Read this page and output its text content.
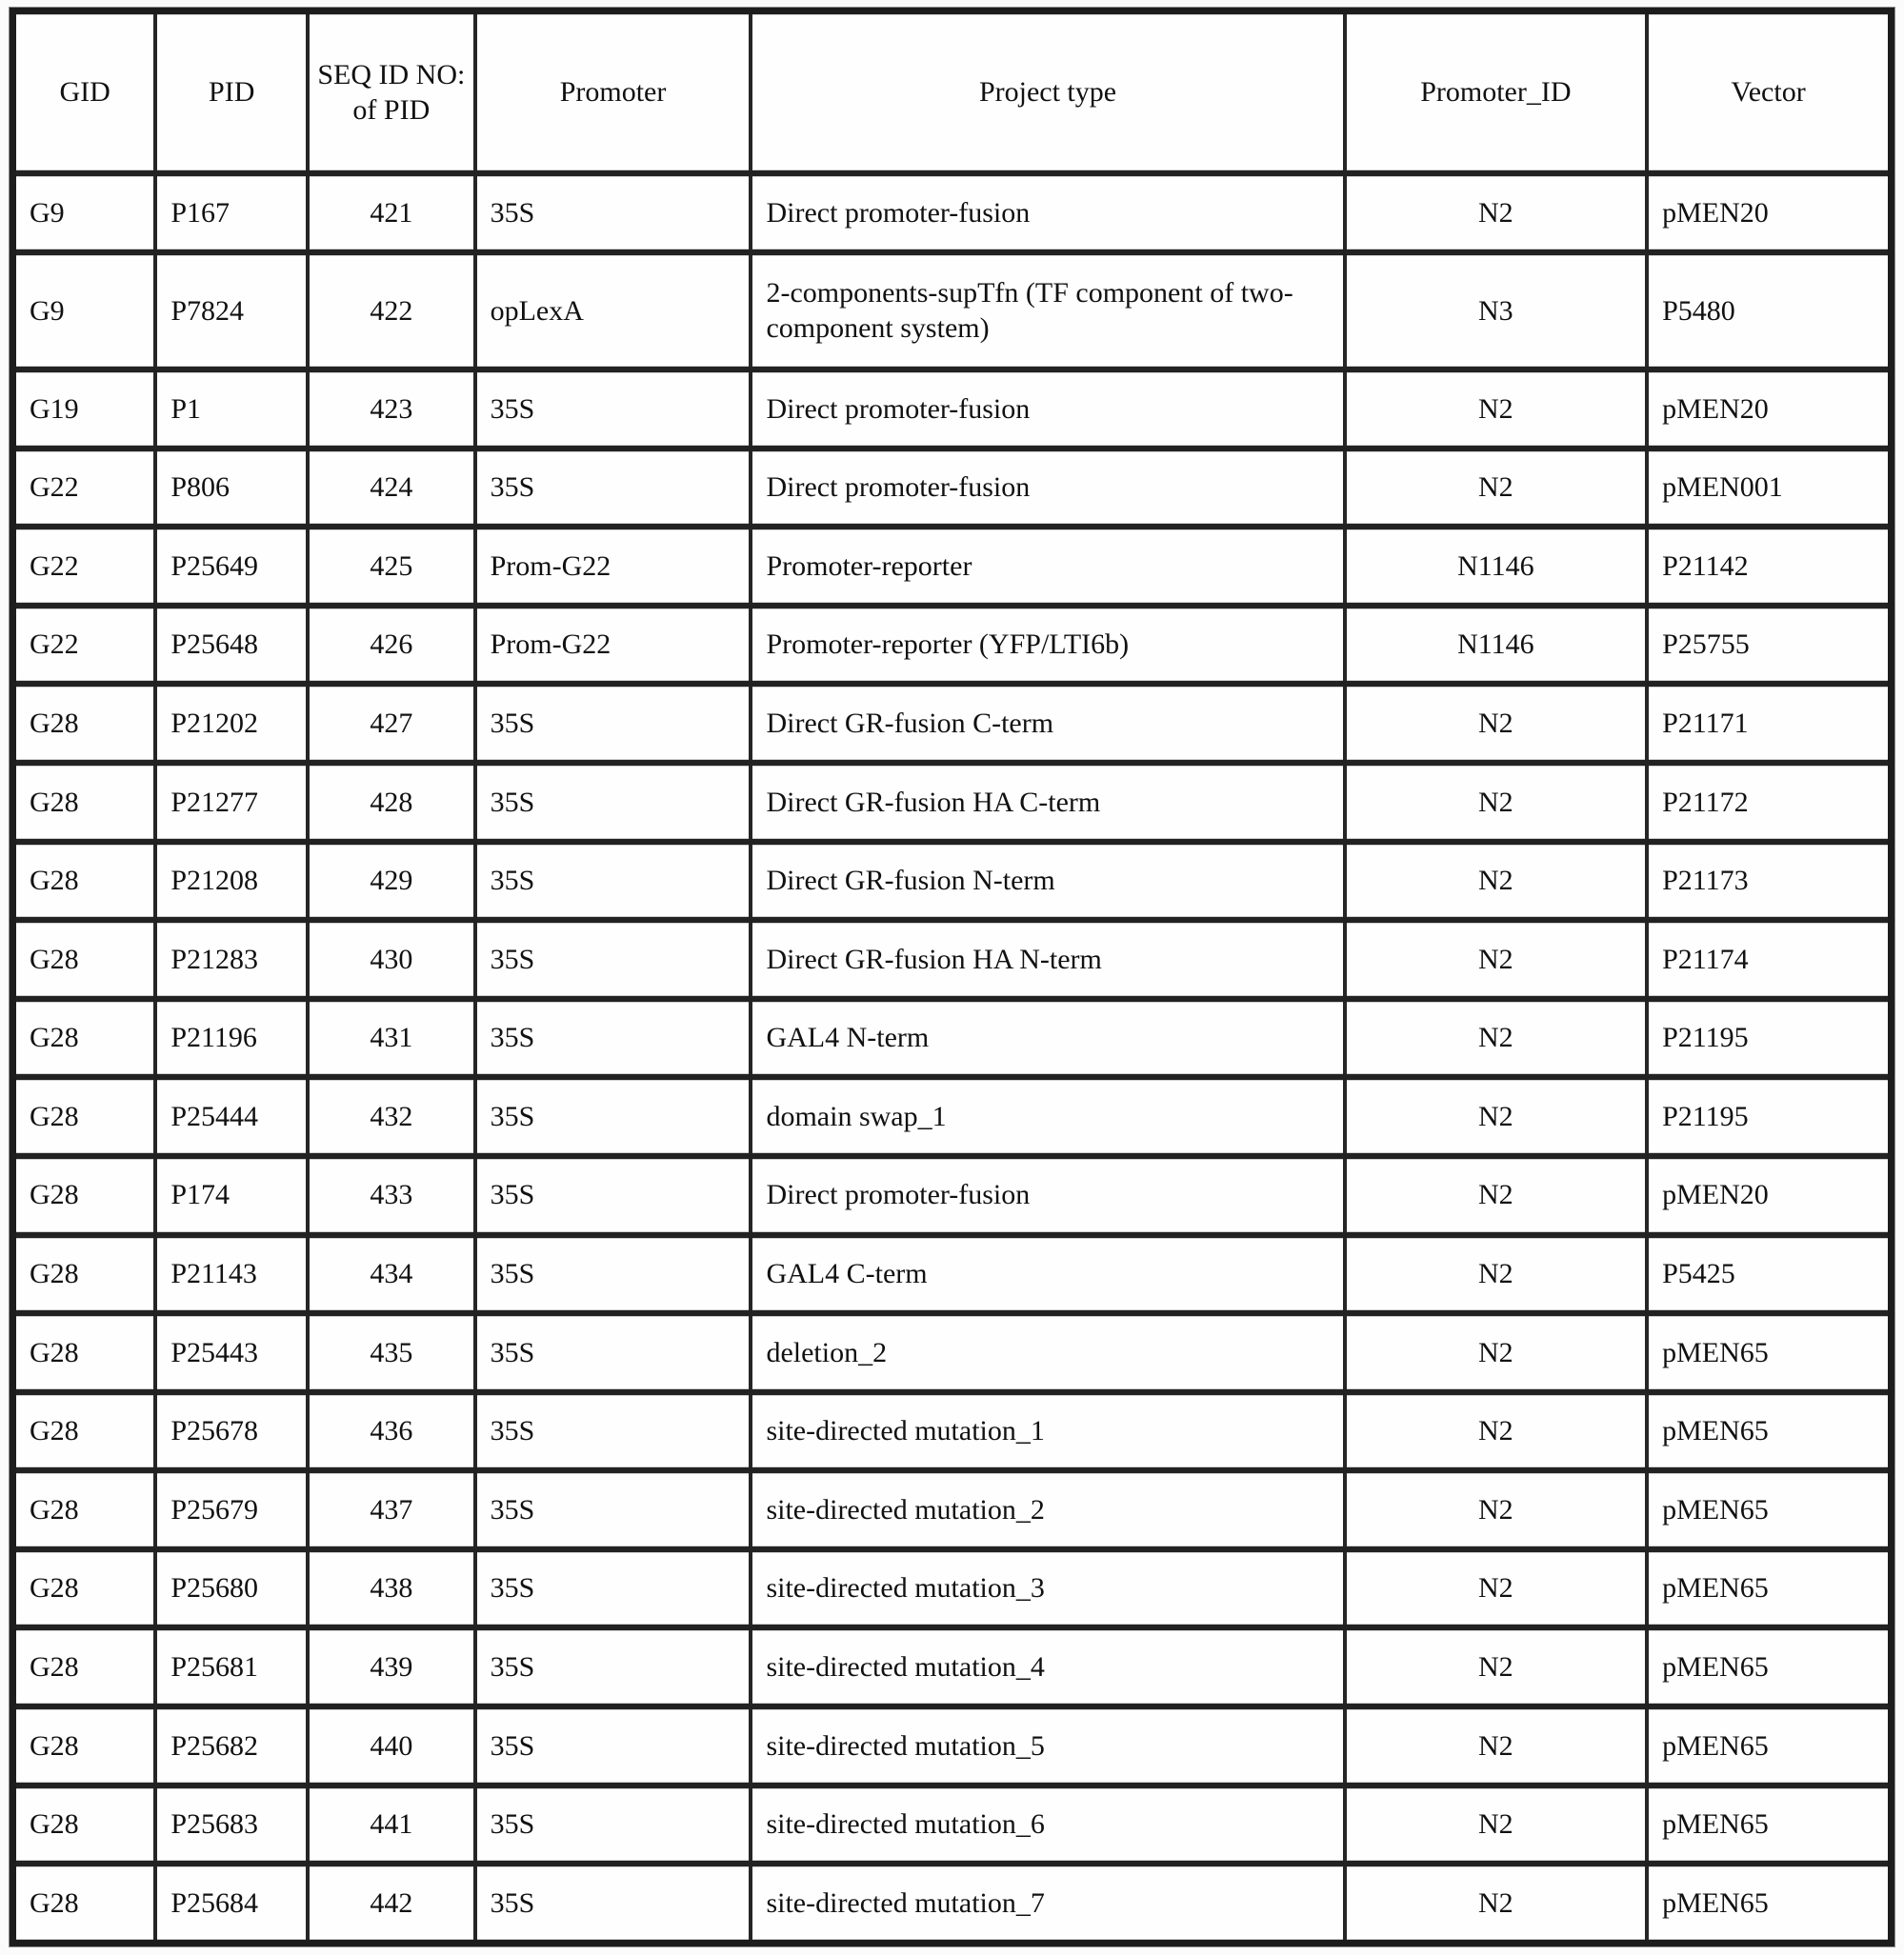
GID	PID	SEQ ID NO: of PID	Promoter	Project type	Promoter_ID	Vector
G9	P167	421	35S	Direct promoter-fusion	N2	pMEN20
G9	P7824	422	opLexA	2-components-supTfn (TF component of two-component system)	N3	P5480
G19	P1	423	35S	Direct promoter-fusion	N2	pMEN20
G22	P806	424	35S	Direct promoter-fusion	N2	pMEN001
G22	P25649	425	Prom-G22	Promoter-reporter	N1146	P21142
G22	P25648	426	Prom-G22	Promoter-reporter (YFP/LTI6b)	N1146	P25755
G28	P21202	427	35S	Direct GR-fusion C-term	N2	P21171
G28	P21277	428	35S	Direct GR-fusion HA C-term	N2	P21172
G28	P21208	429	35S	Direct GR-fusion N-term	N2	P21173
G28	P21283	430	35S	Direct GR-fusion HA N-term	N2	P21174
G28	P21196	431	35S	GAL4 N-term	N2	P21195
G28	P25444	432	35S	domain swap_1	N2	P21195
G28	P174	433	35S	Direct promoter-fusion	N2	pMEN20
G28	P21143	434	35S	GAL4 C-term	N2	P5425
G28	P25443	435	35S	deletion_2	N2	pMEN65
G28	P25678	436	35S	site-directed mutation_1	N2	pMEN65
G28	P25679	437	35S	site-directed mutation_2	N2	pMEN65
G28	P25680	438	35S	site-directed mutation_3	N2	pMEN65
G28	P25681	439	35S	site-directed mutation_4	N2	pMEN65
G28	P25682	440	35S	site-directed mutation_5	N2	pMEN65
G28	P25683	441	35S	site-directed mutation_6	N2	pMEN65
G28	P25684	442	35S	site-directed mutation_7	N2	pMEN65
